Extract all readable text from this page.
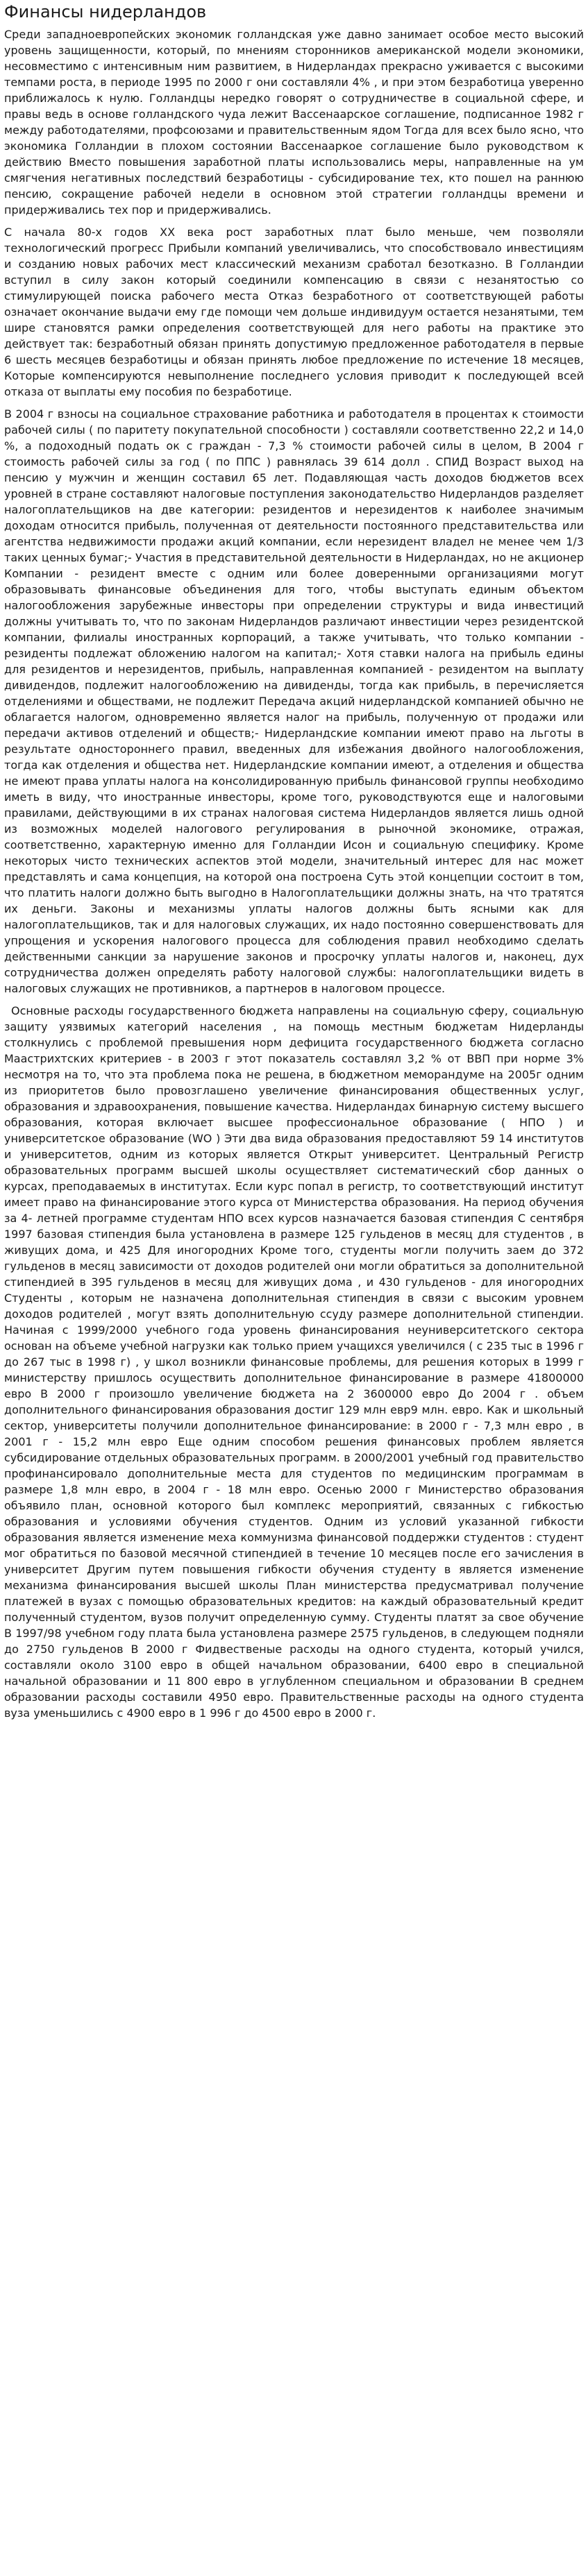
Финансы нидерландов

Среди западноевропейских экономик голландская уже давно занимает особое место высокий уровень защищенности, который, по мнениям сторонников американской модели экономики, несовместимо с интенсивным ним развитием, в Нидерландах прекрасно уживается с высокими темпами роста, в периоде 1995 по 2000 г они составляли 4% , и при этом безработица уверенно приближалось к нулю. Голландцы нередко говорят о сотрудничестве в социальной сфере, и правы ведь в основе голландского чуда лежит Вассенаарское соглашение, подписанное 1982 г между работодателями, профсоюзами и правительственным ядом Тогда для всех было ясно, что экономика Голландии в плохом состоянии Вассенааркое соглашение было руководством к действию Вместо повышения заработной платы использовались меры, направленные на ум смягчения негативных последствий безработицы - субсидирование тех, кто пошел на раннюю пенсию, сокращение рабочей недели в основном этой стратегии голландцы времени и придерживались тех пор и придерживались.

С начала 80-х годов XX века рост заработных плат было меньше, чем позволяли технологический прогресс Прибыли компаний увеличивались, что способствовало инвестициям и созданию новых рабочих мест классический механизм сработал безотказно. В Голландии вступил в силу закон который соединили компенсацию в связи с незанятостью со стимулирующей поиска рабочего места Отказ безработного от соответствующей работы означает окончание выдачи ему где помощи чем дольше индивидуум остается незанятыми, тем шире становятся рамки определения соответствующей для него работы на практике это действует так: безработный обязан принять допустимую предложенное работодателя в первые 6 шесть месяцев безработицы и обязан принять любое предложение по истечение 18 месяцев, Которые компенсируются невыполнение последнего условия приводит к последующей всей отказа от выплаты ему пособия по безработице.

В 2004 г взносы на социальное страхование работника и работодателя в процентах к стоимости рабочей силы ( по паритету покупательной способности ) составляли соответственно 22,2 и 14,0 %, а подоходный подать ок с граждан - 7,3 % стоимости рабочей силы в целом, В 2004 г стоимость рабочей силы за год ( по ППС ) равнялась 39 614 долл . СПИД Возраст выход на пенсию у мужчин и женщин составил 65 лет. Подавляющая часть доходов бюджетов всех уровней в стране составляют налоговые поступления законодательство Нидерландов разделяет налогоплательщиков на две категории: резидентов и нерезидентов к наиболее значимым доходам относится прибыль, полученная от деятельности постоянного представительства или агентства недвижимости продажи акций компании, если нерезидент владел не менее чем 1/3 таких ценных бумаг;- Участия в представительной деятельности в Нидерландах, но не акционер Компании - резидент вместе с одним или более доверенными организациями могут образовывать финансовые объединения для того, чтобы выступать единым объектом налогообложения зарубежные инвесторы при определении структуры и вида инвестиций должны учитывать то, что по законам Нидерландов различают инвестиции через резидентской компании, филиалы иностранных корпораций, а также учитывать, что только компании - резиденты подлежат обложению налогом на капитал;- Хотя ставки налога на прибыль едины для резидентов и нерезидентов, прибыль, направленная компанией - резидентом на выплату дивидендов, подлежит налогообложению на дивиденды, тогда как прибыль, в перечисляется отделениями и обществами, не подлежит Передача акций нидерландской компанией обычно не облагается налогом, одновременно является налог на прибыль, полученную от продажи или передачи активов отделений и обществ;- Нидерландские компании имеют право на льготы в результате одностороннего правил, введенных для избежания двойного налогообложения, тогда как отделения и общества нет. Нидерландские компании имеют, а отделения и общества не имеют права уплаты налога на консолидированную прибыль финансовой группы необходимо иметь в виду, что иностранные инвесторы, кроме того, руководствуются еще и налоговыми правилами, действующими в их странах налоговая система Нидерландов является лишь одной из возможных моделей налогового регулирования в рыночной экономике, отражая, соответственно, характерную именно для Голландии Исон и социальную специфику. Кроме некоторых чисто технических аспектов этой модели, значительный интерес для нас может представлять и сама концепция, на которой она построена Суть этой концепции состоит в том, что платить налоги должно быть выгодно в Налогоплательщики должны знать, на что тратятся их деньги. Законы и механизмы уплаты налогов должны быть ясными как для налогоплательщиков, так и для налоговых служащих, их надо постоянно совершенствовать для упрощения и ускорения налогового процесса для соблюдения правил необходимо сделать действенными санкции за нарушение законов и просрочку уплаты налогов и, наконец, дух сотрудничества должен определять работу налоговой службы: налогоплательщики видеть в налоговых служащих не противников, а партнеров в налоговом процессе.

Основные расходы государственного бюджета направлены на социальную сферу, социальную защиту уязвимых категорий населения , на помощь местным бюджетам Нидерланды столкнулись с проблемой превышения норм дефицита государственного бюджета согласно Маастрихтских критериев - в 2003 г этот показатель составлял 3,2 % от ВВП при норме 3% несмотря на то, что эта проблема пока не решена, в бюджетном меморандуме на 2005г одним из приоритетов было провозглашено увеличение финансирования общественных услуг, образования и здравоохранения, повышение качества. Нидерландах бинарную систему высшего образования, которая включает высшее профессиональное образование ( НПО ) и университетское образование (WO ) Эти два вида образования предоставляют 59 14 институтов и университетов, одним из которых является Открыт университет. Центральный Регистр образовательных программ высшей школы осуществляет систематический сбор данных о курсах, преподаваемых в институтах. Если курс попал в регистр, то соответствующий институт имеет право на финансирование этого курса от Министерства образования. На период обучения за 4- летней программе студентам НПО всех курсов назначается базовая стипендия С сентября 1997 базовая стипендия была установлена в размере 125 гульденов в месяц для студентов , в живущих дома, и 425 Для иногородних Кроме того, студенты могли получить заем до 372 гульденов в месяц зависимости от доходов родителей они могли обратиться за дополнительной стипендией в 395 гульденов в месяц для живущих дома , и 430 гульденов - для иногородних Студенты , которым не назначена дополнительная стипендия в связи с высоким уровнем доходов родителей , могут взять дополнительную ссуду размере дополнительной стипендии. Начиная с 1999/2000 учебного года уровень финансирования неуниверситетского сектора основан на объеме учебной нагрузки как только прием учащихся увеличился ( с 235 тыс в 1996 г до 267 тыс в 1998 г) , у школ возникли финансовые проблемы, для решения которых в 1999 г министерству пришлось осуществить дополнительное финансирование в размере 41800000 евро В 2000 г произошло увеличение бюджета на 2 3600000 евро До 2004 г . объем дополнительного финансирования образования достиг 129 млн евр9 млн. евро. Как и школьный сектор, университеты получили дополнительное финансирование: в 2000 г - 7,3 млн евро , в 2001 г - 15,2 млн евро Еще одним способом решения финансовых проблем является субсидирование отдельных образовательных программ. в 2000/2001 учебный год правительство профинансировало дополнительные места для студентов по медицинским программам в размере 1,8 млн евро, в 2004 г - 18 млн евро. Осенью 2000 г Министерство образования объявило план, основной которого был комплекс мероприятий, связанных с гибкостью образования и условиями обучения студентов. Одним из условий указанной гибкости образования является изменение меха коммунизма финансовой поддержки студентов : студент мог обратиться по базовой месячной стипендией в течение 10 месяцев после его зачисления в университет Другим путем повышения гибкости обучения студенту в является изменение механизма финансирования высшей школы План министерства предусматривал получение платежей в вузах с помощью образовательных кредитов: на каждый образовательный кредит полученный студентом, вузов получит определенную сумму. Студенты платят за свое обучение В 1997/98 учебном году плата была установлена размере 2575 гульденов, в следующем подняли до 2750 гульденов В 2000 г Фидвественые расходы на одного студента, который учился, составляли около 3100 евро в общей начальном образовании, 6400 евро в специальной начальной образовании и 11 800 евро в углубленном специальном и образовании В среднем образовании расходы составили 4950 евро. Правительственные расходы на одного студента вуза уменьшились с 4900 евро в 1 996 г до 4500 евро в 2000 г.
